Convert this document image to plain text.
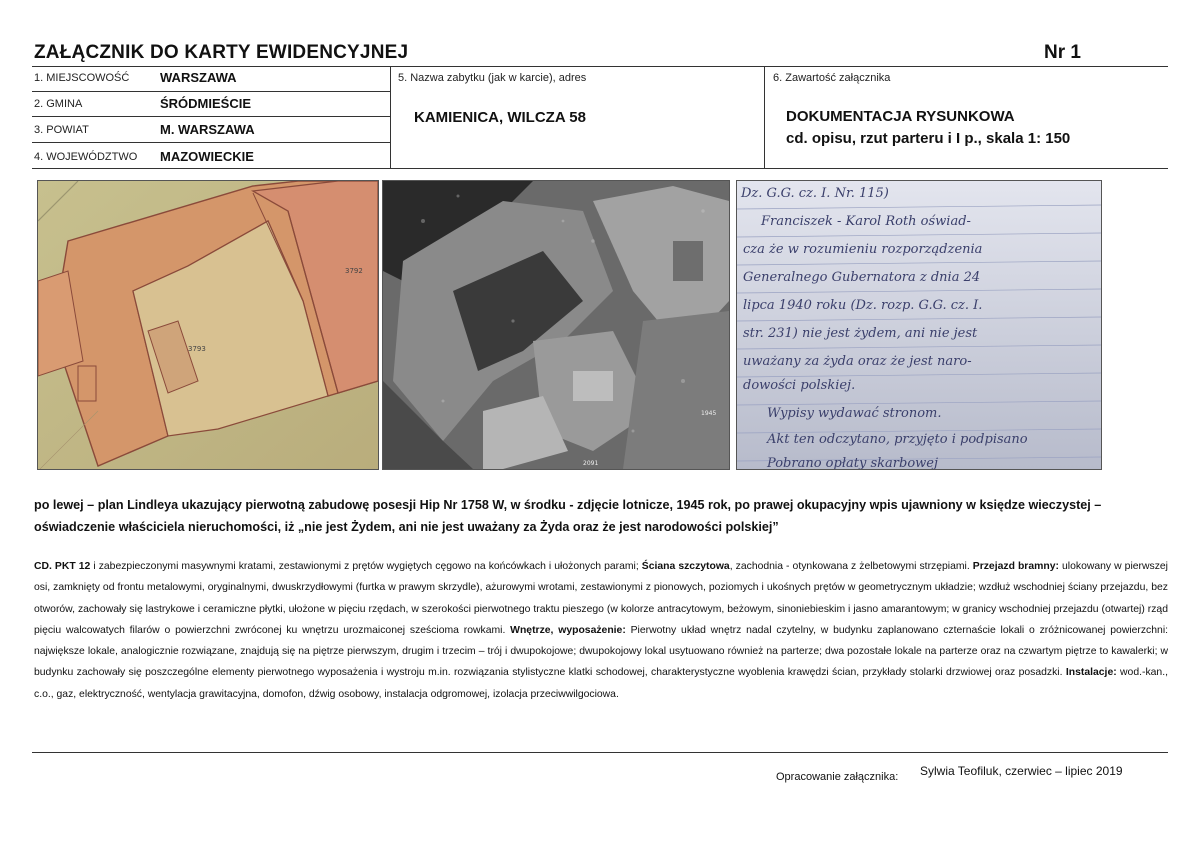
ZAŁĄCZNIK DO KARTY EWIDENCYJNEJ	Nr 1
1. MIEJSCOWOŚĆ WARSZAWA
2. GMINA	ŚRÓDMIEŚCIE
3. POWIAT	M. WARSZAWA
4. WOJEWÓDZTWO MAZOWIECKIE
5. Nazwa zabytku (jak w karcie), adres
KAMIENICA, WILCZA 58
6. Zawartość załącznika
DOKUMENTACJA RYSUNKOWA
cd. opisu, rzut parteru i I p., skala 1: 150
3793
3792
2091
1945
Dz. G.G. cz. I. Nr. 115)
Franciszek - Karol Roth oświad-
cza że w rozumieniu rozporządzenia
Generalnego Gubernatora z dnia 24
lipca 1940 roku (Dz. rozp. G.G. cz. I.
str. 231) nie jest żydem, ani nie jest
uważany za żyda oraz że jest naro-
dowości polskiej.
Wypisy wydawać stronom.
Akt ten odczytano, przyjęto i podpisano
Pobrano opłaty skarbowej
po lewej – plan Lindleya ukazujący pierwotną zabudowę posesji Hip Nr 1758 W, w środku - zdjęcie lotnicze, 1945 rok, po prawej okupacyjny wpis ujawniony w księdze wieczystej – oświadczenie właściciela nieruchomości, iż „nie jest Żydem, ani nie jest uważany za Żyda oraz że jest narodowości polskiej”
CD. PKT 12 i zabezpieczonymi masywnymi kratami, zestawionymi z prętów wygiętych cęgowo na końcówkach i ułożonych parami; Ściana szczytowa, zachodnia - otynkowana z żelbetowymi strzępiami. Przejazd bramny: ulokowany w pierwszej osi, zamknięty od frontu metalowymi, oryginalnymi, dwuskrzydłowymi (furtka w prawym skrzydle), ażurowymi wrotami, zestawionymi z pionowych, poziomych i ukośnych prętów w geometrycznym układzie; wzdłuż wschodniej ściany przejazdu, bez otworów, zachowały się lastrykowe i ceramiczne płytki, ułożone w pięciu rzędach, w szerokości pierwotnego traktu pieszego (w kolorze antracytowym, beżowym, sinoniebieskim i jasno amarantowym; w granicy wschodniej przejazdu (otwartej) rząd pięciu walcowatych filarów o powierzchni zwróconej ku wnętrzu urozmaiconej sześcioma rowkami. Wnętrze, wyposażenie: Pierwotny układ wnętrz nadal czytelny, w budynku zaplanowano czternaście lokali o zróżnicowanej powierzchni: największe lokale, analogicznie rozwiązane, znajdują się na piętrze pierwszym, drugim i trzecim – trój i dwupokojowe; dwupokojowy lokal usytuowano również na parterze; dwa pozostałe lokale na parterze oraz na czwartym piętrze to kawalerki; w budynku zachowały się poszczególne elementy pierwotnego wyposażenia i wystroju m.in. rozwiązania stylistyczne klatki schodowej, charakterystyczne wyoblenia krawędzi ścian, przykłady stolarki drzwiowej oraz posadzki. Instalacje: wod.-kan., c.o., gaz, elektryczność, wentylacja grawitacyjna, domofon, dźwig osobowy, instalacja odgromowej, izolacja przeciwwilgociowa.
Opracowanie załącznika: Sylwia Teofiluk, czerwiec – lipiec 2019
